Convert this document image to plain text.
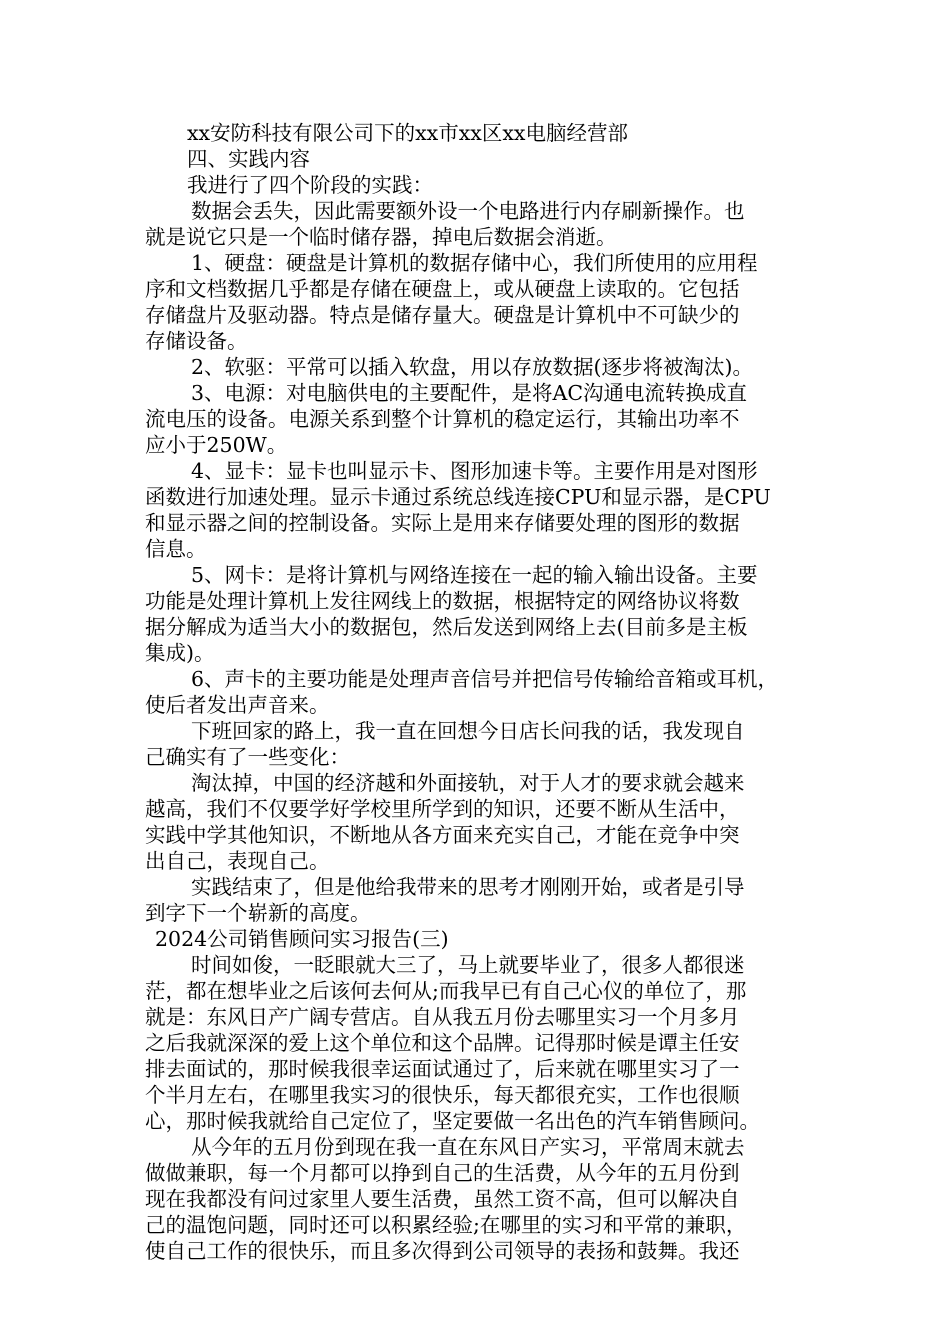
xx安防科技有限公司下的xx市xx区xx电脑经营部
四、实践内容
我进行了四个阶段的实践：
数据会丢失，因此需要额外设一个电路进行内存刷新操作。也
就是说它只是一个临时储存器，掉电后数据会消逝。
1、硬盘：硬盘是计算机的数据存储中心，我们所使用的应用程
序和文档数据几乎都是存储在硬盘上，或从硬盘上读取的。它包括
存储盘片及驱动器。特点是储存量大。硬盘是计算机中不可缺少的
存储设备。
2、软驱：平常可以插入软盘，用以存放数据(逐步将被淘汰)。
3、电源：对电脑供电的主要配件，是将AC沟通电流转换成直
流电压的设备。电源关系到整个计算机的稳定运行，其输出功率不
应小于250W。
4、显卡：显卡也叫显示卡、图形加速卡等。主要作用是对图形
函数进行加速处理。显示卡通过系统总线连接CPU和显示器，是CPU
和显示器之间的控制设备。实际上是用来存储要处理的图形的数据
信息。
5、网卡：是将计算机与网络连接在一起的输入输出设备。主要
功能是处理计算机上发往网线上的数据，根据特定的网络协议将数
据分解成为适当大小的数据包，然后发送到网络上去(目前多是主板
集成)。
6、声卡的主要功能是处理声音信号并把信号传输给音箱或耳机，
使后者发出声音来。
下班回家的路上，我一直在回想今日店长问我的话，我发现自
己确实有了一些变化：
淘汰掉，中国的经济越和外面接轨，对于人才的要求就会越来
越高，我们不仅要学好学校里所学到的知识，还要不断从生活中，
实践中学其他知识，不断地从各方面来充实自己，才能在竞争中突
出自己，表现自己。
实践结束了，但是他给我带来的思考才刚刚开始，或者是引导
到字下一个崭新的高度。
2024公司销售顾问实习报告(三)
时间如俊，一眨眼就大三了，马上就要毕业了，很多人都很迷
茫，都在想毕业之后该何去何从;而我早已有自己心仪的单位了，那
就是：东风日产广阔专营店。自从我五月份去哪里实习一个月多月
之后我就深深的爱上这个单位和这个品牌。记得那时候是谭主任安
排去面试的，那时候我很幸运面试通过了，后来就在哪里实习了一
个半月左右，在哪里我实习的很快乐，每天都很充实，工作也很顺
心，那时候我就给自己定位了，坚定要做一名出色的汽车销售顾问。
从今年的五月份到现在我一直在东风日产实习，平常周末就去
做做兼职，每一个月都可以挣到自己的生活费，从今年的五月份到
现在我都没有问过家里人要生活费，虽然工资不高，但可以解决自
己的温饱问题，同时还可以积累经验;在哪里的实习和平常的兼职，
使自己工作的很快乐，而且多次得到公司领导的表扬和鼓舞。我还
